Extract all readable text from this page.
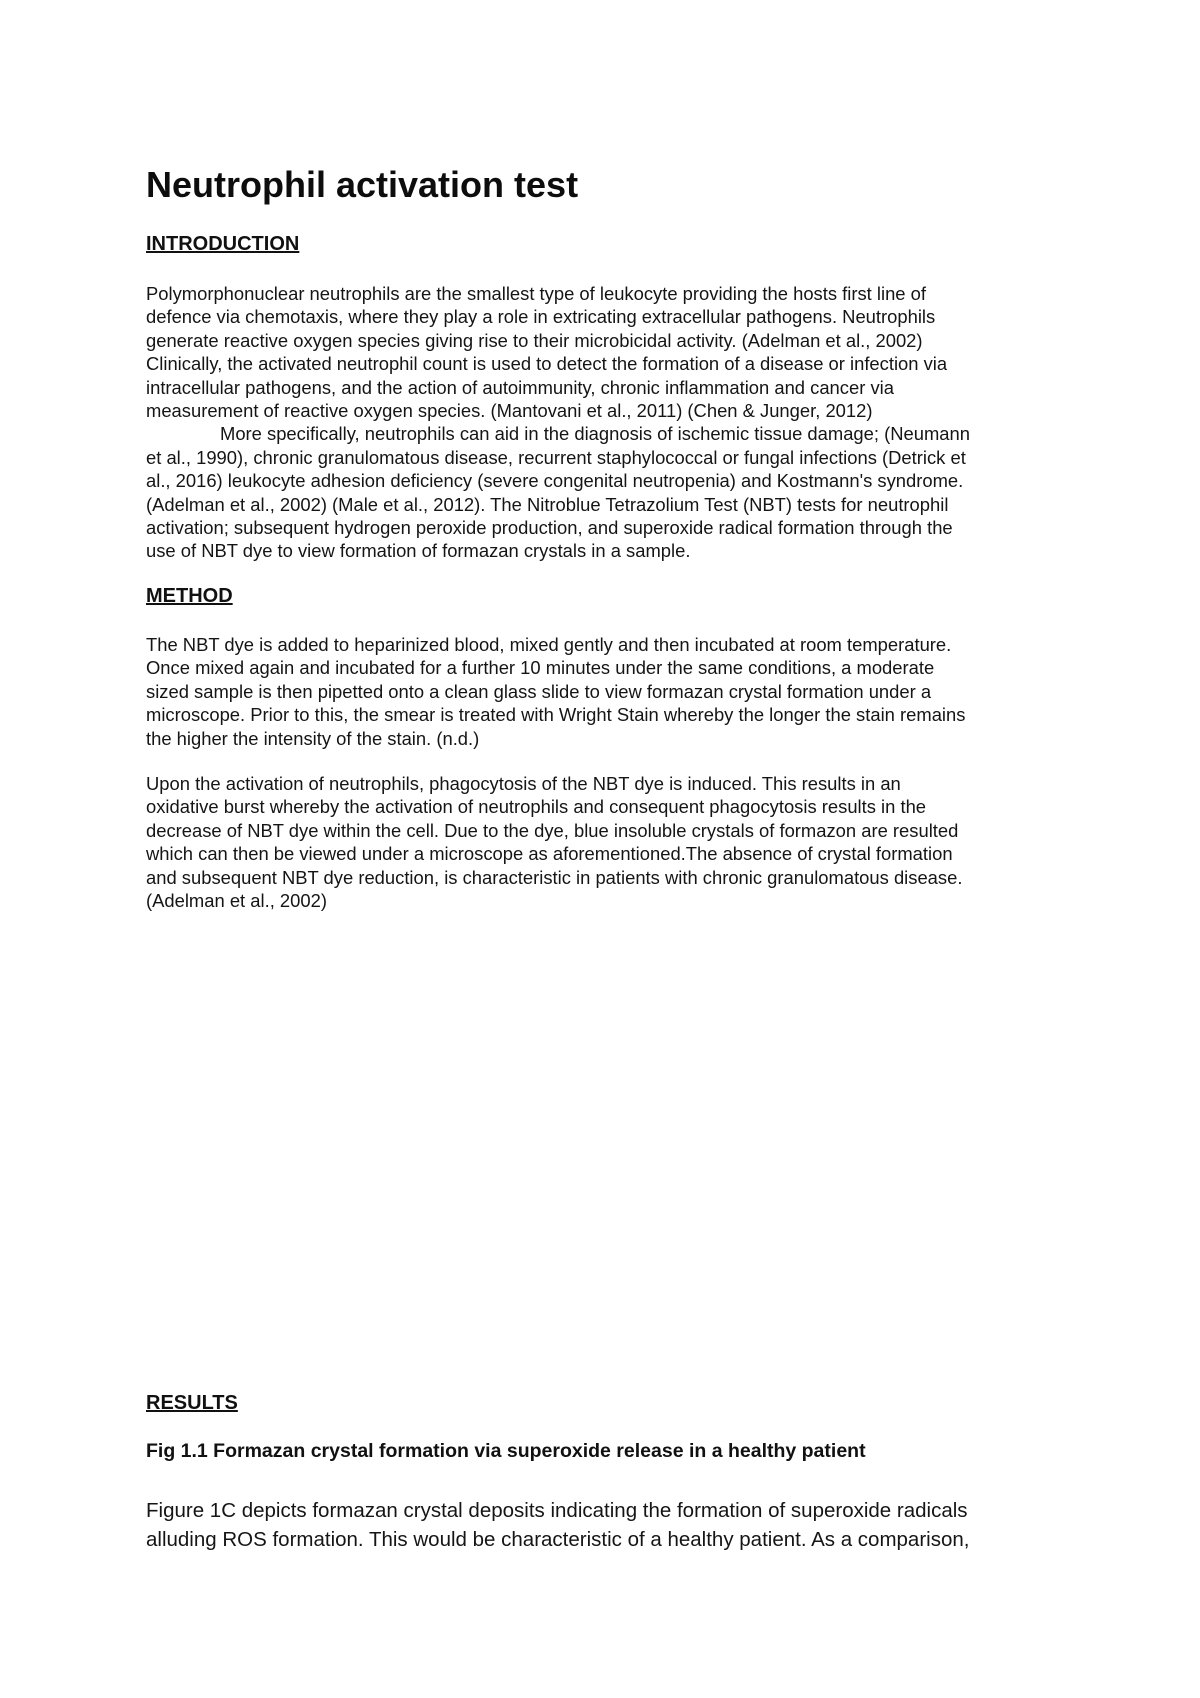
Neutrophil activation test
INTRODUCTION
Polymorphonuclear neutrophils are the smallest type of leukocyte providing the hosts first line of
defence via chemotaxis, where they play a role in extricating extracellular pathogens. Neutrophils
generate reactive oxygen species giving rise to their microbicidal activity. (Adelman et al., 2002)
Clinically, the activated neutrophil count is used to detect the formation of a disease or infection via
intracellular pathogens, and the action of autoimmunity, chronic inflammation and cancer via
measurement of reactive oxygen species. (Mantovani et al., 2011) (Chen & Junger, 2012)
More specifically, neutrophils can aid in the diagnosis of ischemic tissue damage; (Neumann
et al., 1990), chronic granulomatous disease, recurrent staphylococcal or fungal infections (Detrick et
al., 2016) leukocyte adhesion deficiency (severe congenital neutropenia) and Kostmann's syndrome.
(Adelman et al., 2002) (Male et al., 2012). The Nitroblue Tetrazolium Test (NBT) tests for neutrophil
activation; subsequent hydrogen peroxide production, and superoxide radical formation through the
use of NBT dye to view formation of formazan crystals in a sample.
METHOD
The NBT dye is added to heparinized blood, mixed gently and then incubated at room temperature.
Once mixed again and incubated for a further 10 minutes under the same conditions, a moderate
sized sample is then pipetted onto a clean glass slide to view formazan crystal formation under a
microscope. Prior to this, the smear is treated with Wright Stain whereby the longer the stain remains
the higher the intensity of the stain. (n.d.)
Upon the activation of neutrophils, phagocytosis of the NBT dye is induced. This results in an
oxidative burst whereby the activation of neutrophils and consequent phagocytosis results in the
decrease of NBT dye within the cell. Due to the dye, blue insoluble crystals of formazon are resulted
which can then be viewed under a microscope as aforementioned.The absence of crystal formation
and subsequent NBT dye reduction, is characteristic in patients with chronic granulomatous disease.
(Adelman et al., 2002)
RESULTS

Fig 1.1 Formazan crystal formation via superoxide release in a healthy patient

Figure 1C depicts formazan crystal deposits indicating the formation of superoxide radicals
alluding ROS formation. This would be characteristic of a healthy patient. As a comparison,
